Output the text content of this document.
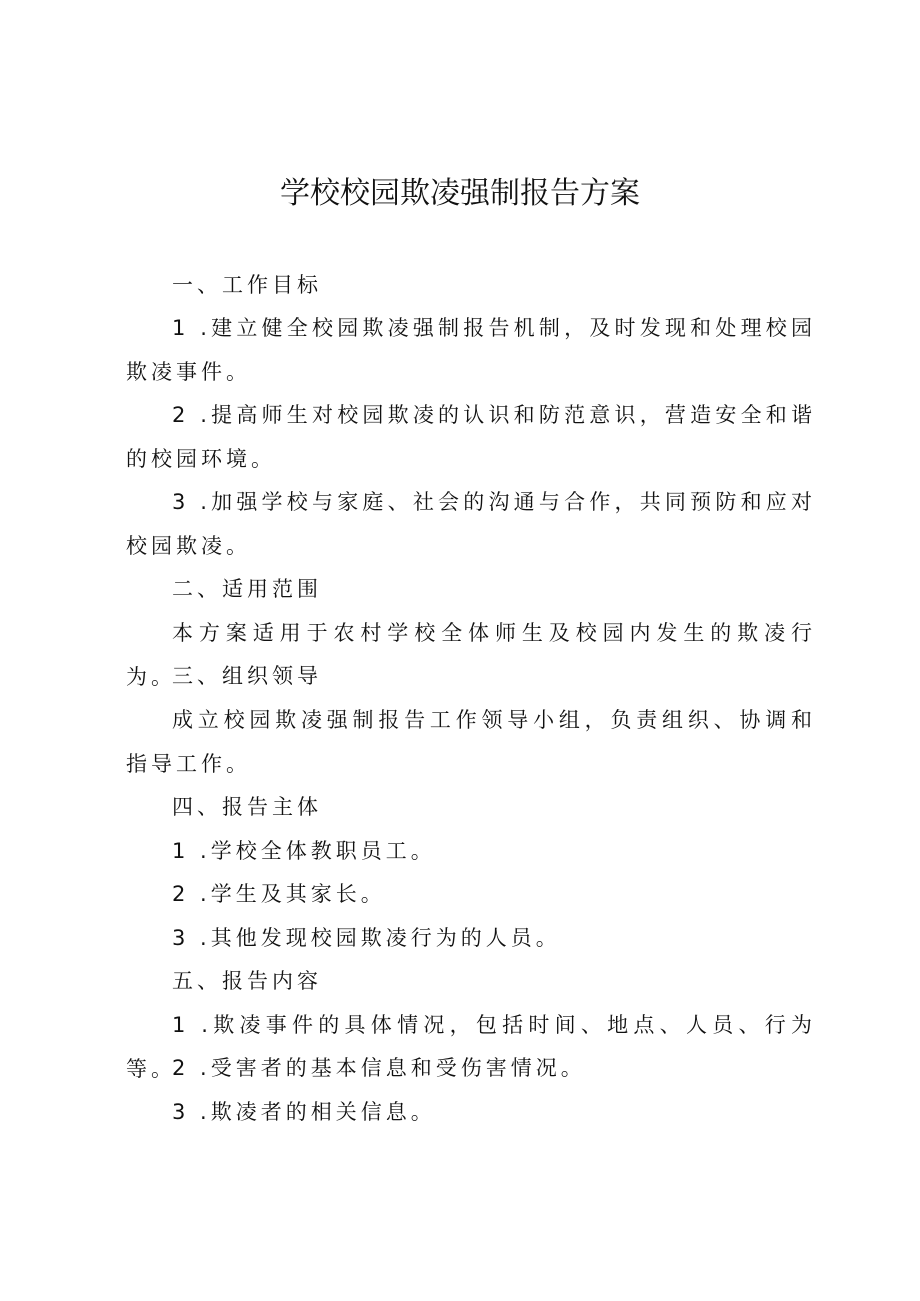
学校校园欺凌强制报告方案
一、工作目标
1 .建立健全校园欺凌强制报告机制，及时发现和处理校园欺凌事件。
2 .提高师生对校园欺凌的认识和防范意识，营造安全和谐的校园环境。
3 .加强学校与家庭、社会的沟通与合作，共同预防和应对校园欺凌。
二、适用范围
本方案适用于农村学校全体师生及校园内发生的欺凌行为。
三、组织领导
成立校园欺凌强制报告工作领导小组，负责组织、协调和指导工作。
四、报告主体
1 .学校全体教职员工。
2 .学生及其家长。
3 .其他发现校园欺凌行为的人员。
五、报告内容
1 .欺凌事件的具体情况，包括时间、地点、人员、行为等。
2 .受害者的基本信息和受伤害情况。
3 .欺凌者的相关信息。
